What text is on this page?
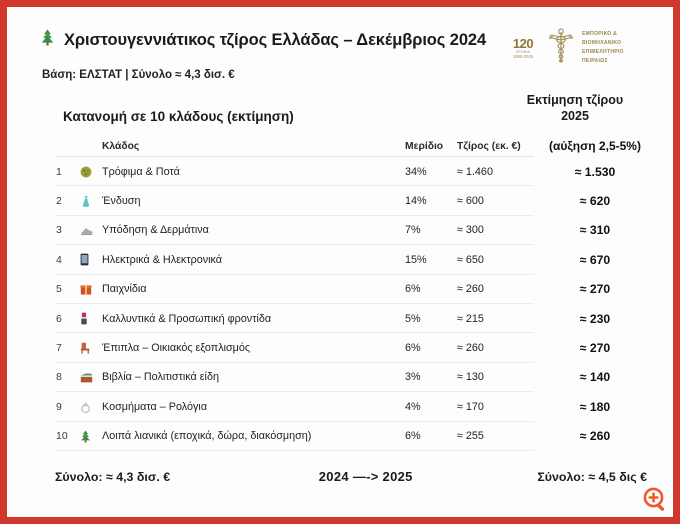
Χριστουγεννιάτικος τζίρος Ελλάδας – Δεκέμβριος 2024
Βάση: ΕΛΣΤΑΤ | Σύνολο ≈ 4,3 δισ. €
120
ΧΡΟΝΙΑ
1905-2025
ΕΜΠΟΡΙΚΟ &
ΒΙΟΜΗΧΑΝΙΚΟ
ΕΠΙΜΕΛΗΤΗΡΙΟ
ΠΕΙΡΑΙΩΣ
Εκτίμηση τζίρου
2025
Κατανομή σε 10 κλάδους (εκτίμηση)
Κλάδος	Μερίδιο	Τζίρος (εκ. €)	(αύξηση 2,5-5%)
1	Τρόφιμα & Ποτά	34%	≈ 1.460	≈ 1.530
2	Ένδυση	14%	≈ 600	≈ 620
3	Υπόδηση & Δερμάτινα	7%	≈ 300	≈ 310
4	Ηλεκτρικά & Ηλεκτρονικά	15%	≈ 650	≈ 670
5	Παιχνίδια	6%	≈ 260	≈ 270
6	Καλλυντικά & Προσωπική φροντίδα	5%	≈ 215	≈ 230
7	Έπιπλα – Οικιακός εξοπλισμός	6%	≈ 260	≈ 270
8	Βιβλία – Πολιτιστικά είδη	3%	≈ 130	≈ 140
9	Κοσμήματα – Ρολόγια	4%	≈ 170	≈ 180
10	Λοιπά λιανικά (εποχικά, δώρα, διακόσμηση)	6%	≈ 255	≈ 260
Σύνολο: ≈ 4,3 δισ. €	2024 —-> 2025	Σύνολο: ≈ 4,5 δις €
